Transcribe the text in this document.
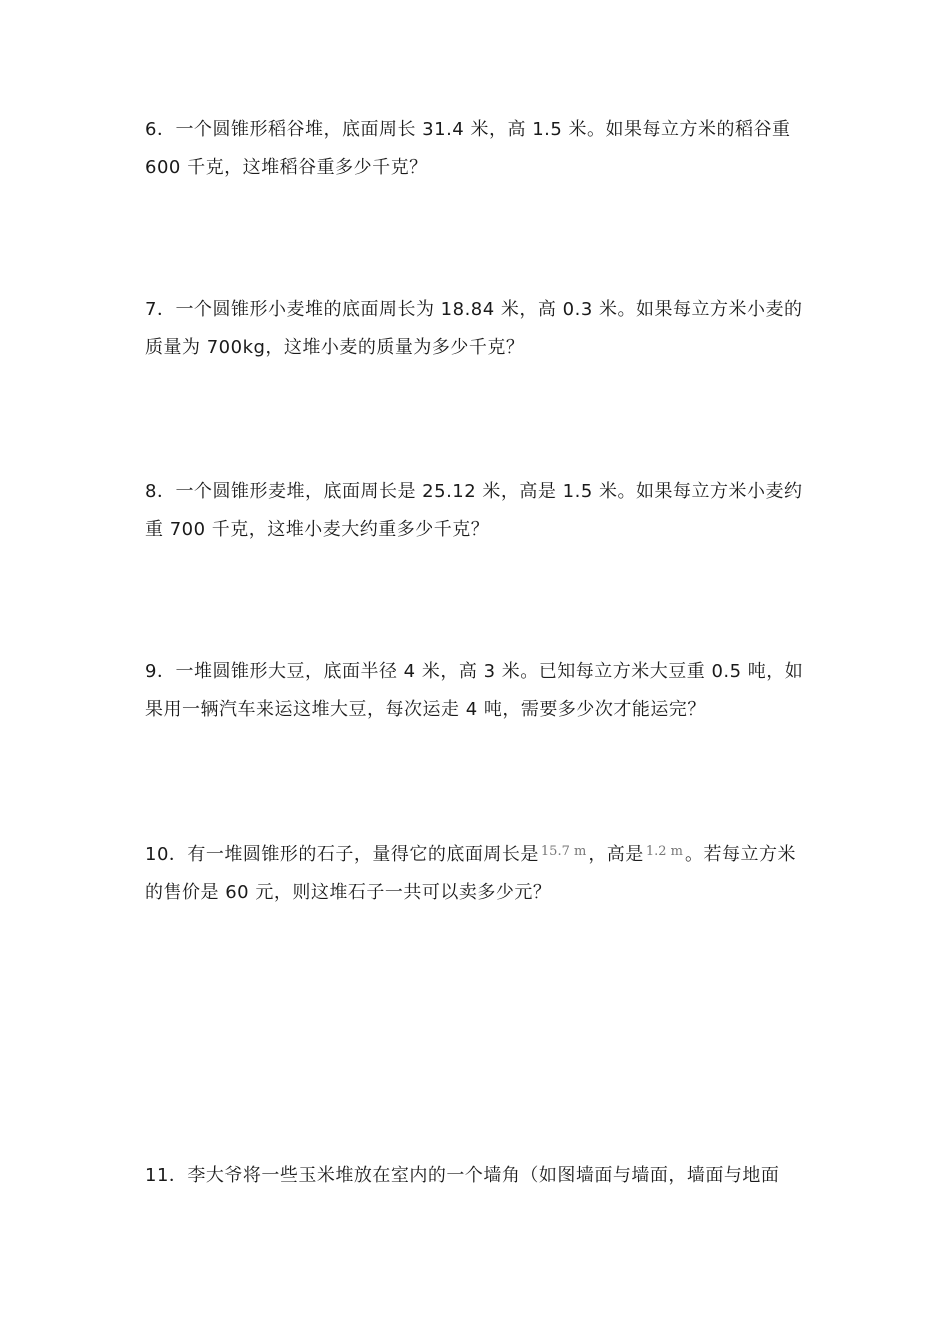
6．一个圆锥形稻谷堆，底面周长 31.4 米，高 1.5 米。如果每立方米的稻谷重
600 千克，这堆稻谷重多少千克？
7．一个圆锥形小麦堆的底面周长为 18.84 米，高 0.3 米。如果每立方米小麦的
质量为 700kg，这堆小麦的质量为多少千克？
8．一个圆锥形麦堆，底面周长是 25.12 米，高是 1.5 米。如果每立方米小麦约
重 700 千克，这堆小麦大约重多少千克？
9．一堆圆锥形大豆，底面半径 4 米，高 3 米。已知每立方米大豆重 0.5 吨，如
果用一辆汽车来运这堆大豆，每次运走 4 吨，需要多少次才能运完？
10．有一堆圆锥形的石子，量得它的底面周长是 $^{15.7 m}$ ，高是 $^{1.2 m}$ 。若每立方米
的售价是 60 元，则这堆石子一共可以卖多少元？
11．李大爷将一些玉米堆放在室内的一个墙角（如图墙面与墙面，墙面与地面
